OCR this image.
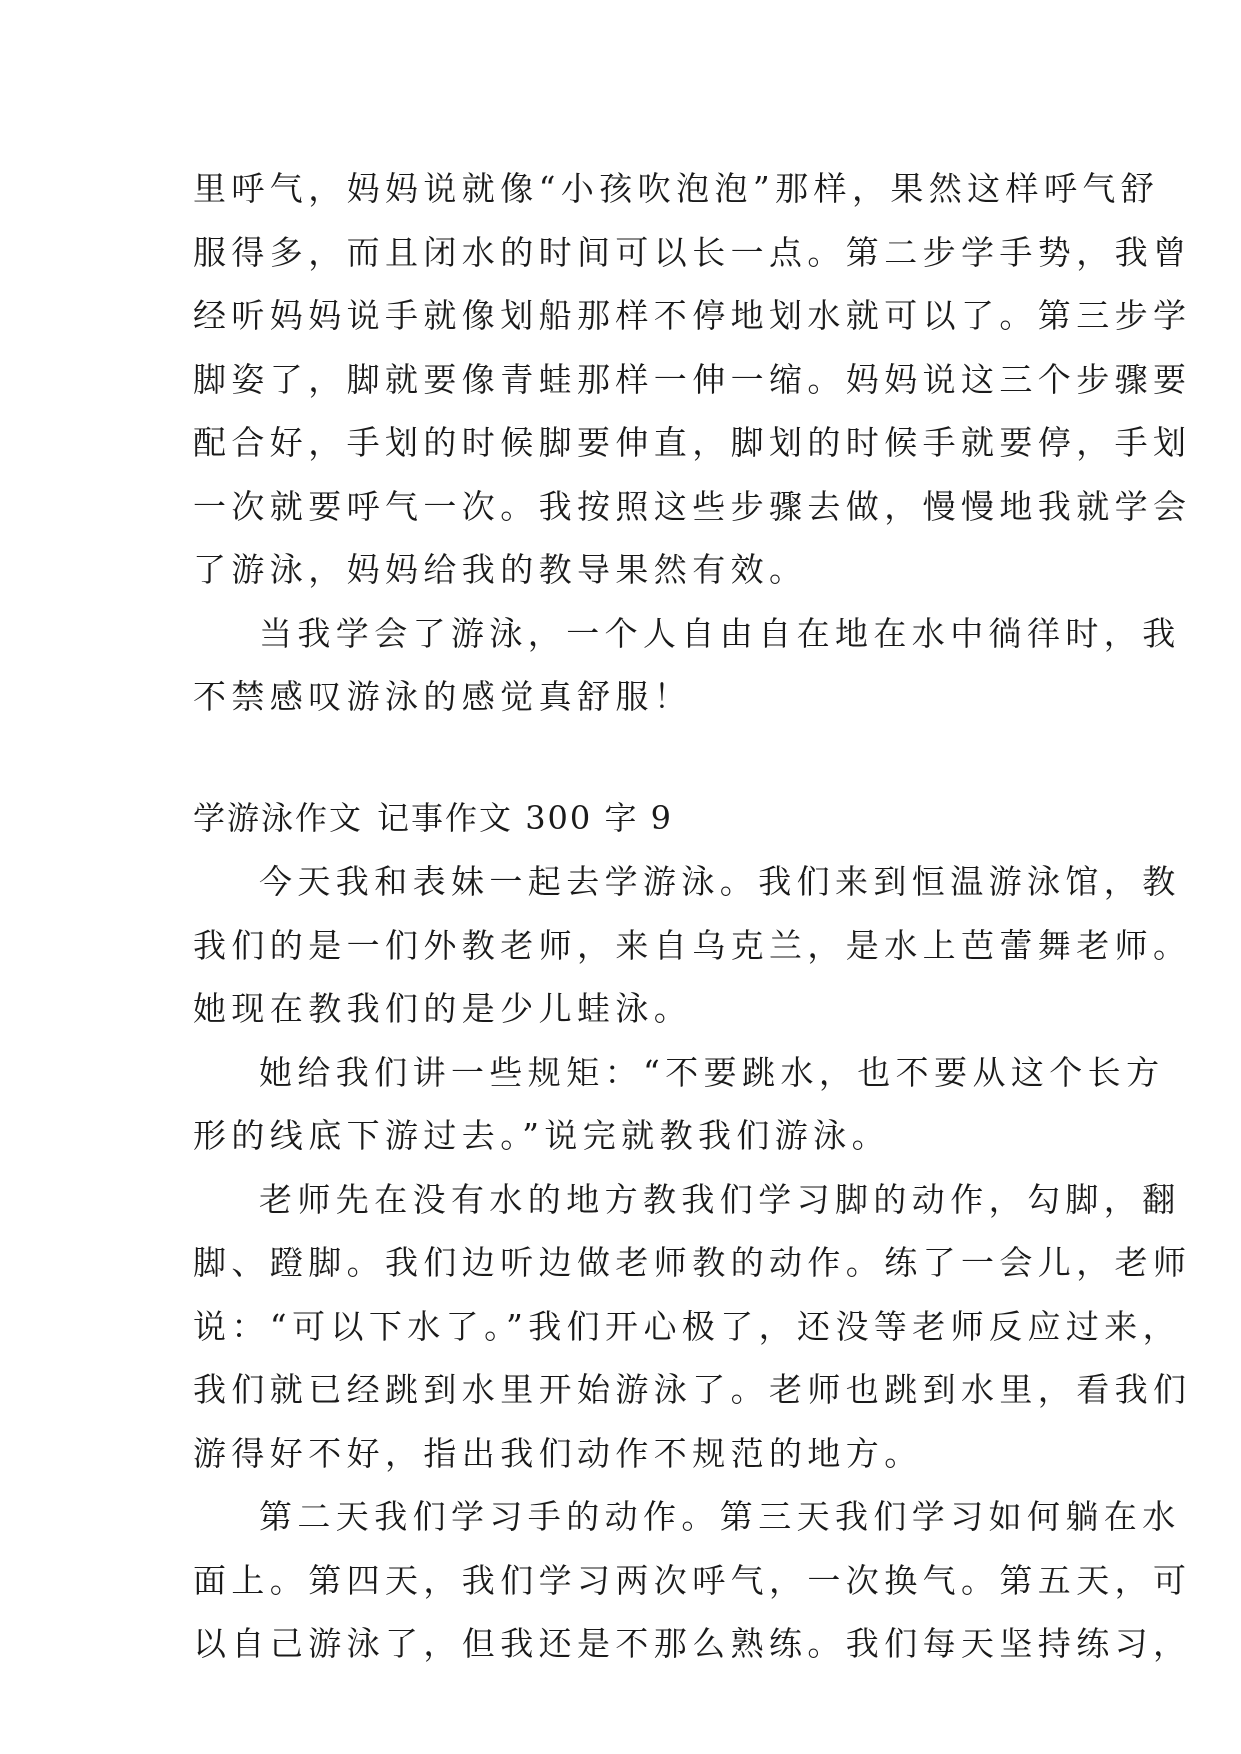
里呼气，妈妈说就像“小孩吹泡泡”那样，果然这样呼气舒
服得多，而且闭水的时间可以长一点。第二步学手势，我曾
经听妈妈说手就像划船那样不停地划水就可以了。第三步学
脚姿了，脚就要像青蛙那样一伸一缩。妈妈说这三个步骤要
配合好，手划的时候脚要伸直，脚划的时候手就要停，手划
一次就要呼气一次。我按照这些步骤去做，慢慢地我就学会
了游泳，妈妈给我的教导果然有效。
当我学会了游泳，一个人自由自在地在水中徜徉时，我
不禁感叹游泳的感觉真舒服！
学游泳作文 记事作文 300 字 9
今天我和表妹一起去学游泳。我们来到恒温游泳馆，教
我们的是一们外教老师，来自乌克兰，是水上芭蕾舞老师。
她现在教我们的是少儿蛙泳。
她给我们讲一些规矩：“不要跳水，也不要从这个长方
形的线底下游过去。”说完就教我们游泳。
老师先在没有水的地方教我们学习脚的动作，勾脚，翻
脚、蹬脚。我们边听边做老师教的动作。练了一会儿，老师
说：“可以下水了。”我们开心极了，还没等老师反应过来，
我们就已经跳到水里开始游泳了。老师也跳到水里，看我们
游得好不好，指出我们动作不规范的地方。
第二天我们学习手的动作。第三天我们学习如何躺在水
面上。第四天，我们学习两次呼气，一次换气。第五天，可
以自己游泳了，但我还是不那么熟练。我们每天坚持练习，
